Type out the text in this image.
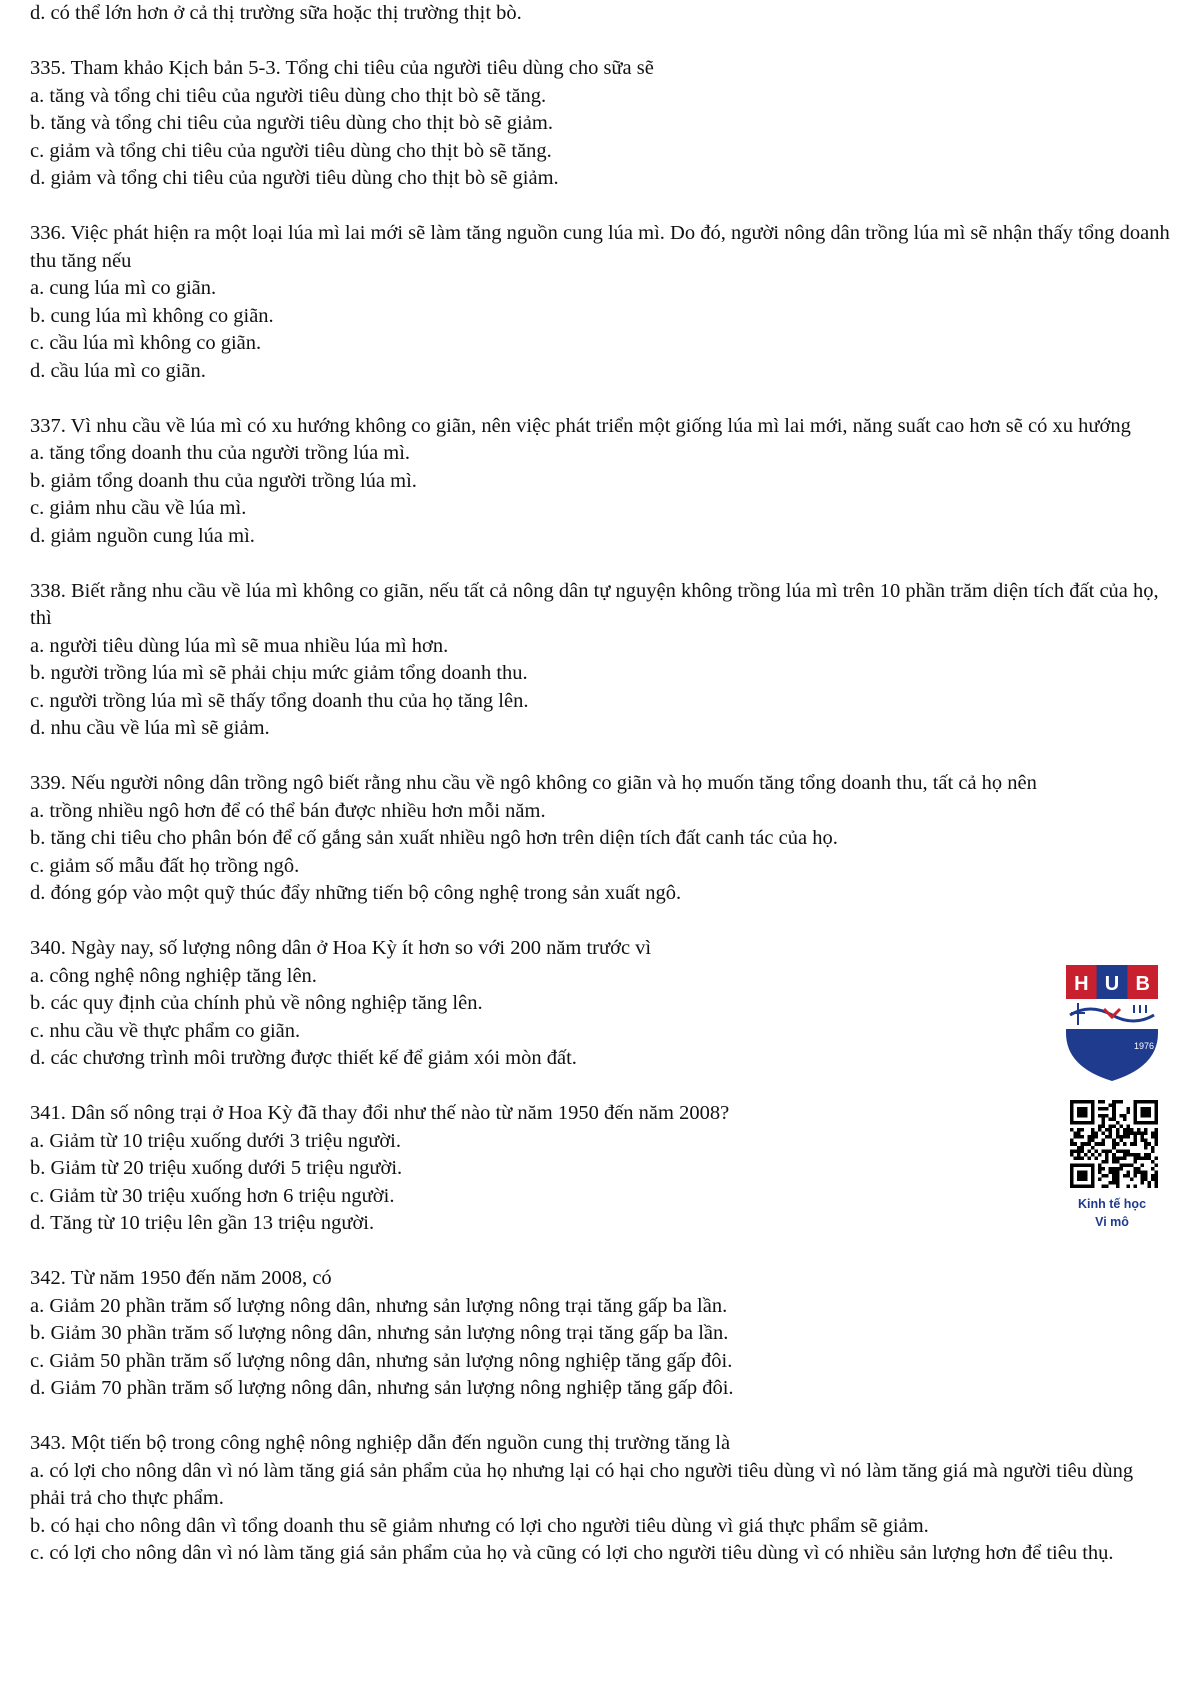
d. có thể lớn hơn ở cả thị trường sữa hoặc thị trường thịt bò.
335. Tham khảo Kịch bản 5-3. Tổng chi tiêu của người tiêu dùng cho sữa sẽ
a. tăng và tổng chi tiêu của người tiêu dùng cho thịt bò sẽ tăng.
b. tăng và tổng chi tiêu của người tiêu dùng cho thịt bò sẽ giảm.
c. giảm và tổng chi tiêu của người tiêu dùng cho thịt bò sẽ tăng.
d. giảm và tổng chi tiêu của người tiêu dùng cho thịt bò sẽ giảm.
336. Việc phát hiện ra một loại lúa mì lai mới sẽ làm tăng nguồn cung lúa mì. Do đó, người nông dân trồng lúa mì sẽ nhận thấy tổng doanh thu tăng nếu
a. cung lúa mì co giãn.
b. cung lúa mì không co giãn.
c. cầu lúa mì không co giãn.
d. cầu lúa mì co giãn.
337. Vì nhu cầu về lúa mì có xu hướng không co giãn, nên việc phát triển một giống lúa mì lai mới, năng suất cao hơn sẽ có xu hướng
a. tăng tổng doanh thu của người trồng lúa mì.
b. giảm tổng doanh thu của người trồng lúa mì.
c. giảm nhu cầu về lúa mì.
d. giảm nguồn cung lúa mì.
338. Biết rằng nhu cầu về lúa mì không co giãn, nếu tất cả nông dân tự nguyện không trồng lúa mì trên 10 phần trăm diện tích đất của họ, thì
a. người tiêu dùng lúa mì sẽ mua nhiều lúa mì hơn.
b. người trồng lúa mì sẽ phải chịu mức giảm tổng doanh thu.
c. người trồng lúa mì sẽ thấy tổng doanh thu của họ tăng lên.
d. nhu cầu về lúa mì sẽ giảm.
339. Nếu người nông dân trồng ngô biết rằng nhu cầu về ngô không co giãn và họ muốn tăng tổng doanh thu, tất cả họ nên
a. trồng nhiều ngô hơn để có thể bán được nhiều hơn mỗi năm.
b. tăng chi tiêu cho phân bón để cố gắng sản xuất nhiều ngô hơn trên diện tích đất canh tác của họ.
c. giảm số mẫu đất họ trồng ngô.
d. đóng góp vào một quỹ thúc đẩy những tiến bộ công nghệ trong sản xuất ngô.
340. Ngày nay, số lượng nông dân ở Hoa Kỳ ít hơn so với 200 năm trước vì
a. công nghệ nông nghiệp tăng lên.
b. các quy định của chính phủ về nông nghiệp tăng lên.
c. nhu cầu về thực phẩm co giãn.
d. các chương trình môi trường được thiết kế để giảm xói mòn đất.
341. Dân số nông trại ở Hoa Kỳ đã thay đổi như thế nào từ năm 1950 đến năm 2008?
a. Giảm từ 10 triệu xuống dưới 3 triệu người.
b. Giảm từ 20 triệu xuống dưới 5 triệu người.
c. Giảm từ 30 triệu xuống hơn 6 triệu người.
d. Tăng từ 10 triệu lên gần 13 triệu người.
342. Từ năm 1950 đến năm 2008, có
a. Giảm 20 phần trăm số lượng nông dân, nhưng sản lượng nông trại tăng gấp ba lần.
b. Giảm 30 phần trăm số lượng nông dân, nhưng sản lượng nông trại tăng gấp ba lần.
c. Giảm 50 phần trăm số lượng nông dân, nhưng sản lượng nông nghiệp tăng gấp đôi.
d. Giảm 70 phần trăm số lượng nông dân, nhưng sản lượng nông nghiệp tăng gấp đôi.
343. Một tiến bộ trong công nghệ nông nghiệp dẫn đến nguồn cung thị trường tăng là
a. có lợi cho nông dân vì nó làm tăng giá sản phẩm của họ nhưng lại có hại cho người tiêu dùng vì nó làm tăng giá mà người tiêu dùng phải trả cho thực phẩm.
b. có hại cho nông dân vì tổng doanh thu sẽ giảm nhưng có lợi cho người tiêu dùng vì giá thực phẩm sẽ giảm.
c. có lợi cho nông dân vì nó làm tăng giá sản phẩm của họ và cũng có lợi cho người tiêu dùng vì có nhiều sản lượng hơn để tiêu thụ.
H U B
1976
Kinh tế học
Vi mô
